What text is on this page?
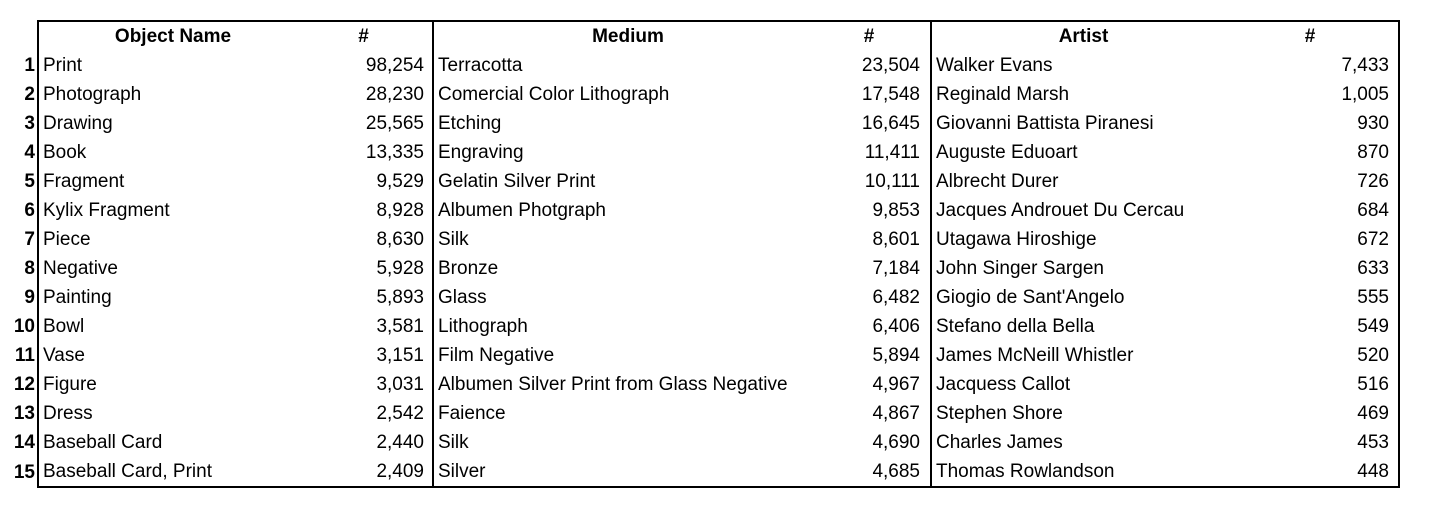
	Object Name	#	Medium	#	Artist	#
1	Print	98,254	Terracotta	23,504	Walker Evans	7,433
2	Photograph	28,230	Comercial Color Lithograph	17,548	Reginald Marsh	1,005
3	Drawing	25,565	Etching	16,645	Giovanni Battista Piranesi	930
4	Book	13,335	Engraving	11,411	Auguste Eduoart	870
5	Fragment	9,529	Gelatin Silver Print	10,111	Albrecht Durer	726
6	Kylix Fragment	8,928	Albumen Photgraph	9,853	Jacques Androuet Du Cercau	684
7	Piece	8,630	Silk	8,601	Utagawa Hiroshige	672
8	Negative	5,928	Bronze	7,184	John Singer Sargen	633
9	Painting	5,893	Glass	6,482	Giogio de Sant'Angelo	555
10	Bowl	3,581	Lithograph	6,406	Stefano della Bella	549
11	Vase	3,151	Film Negative	5,894	James McNeill Whistler	520
12	Figure	3,031	Albumen Silver Print from Glass Negative	4,967	Jacquess Callot	516
13	Dress	2,542	Faience	4,867	Stephen Shore	469
14	Baseball Card	2,440	Silk	4,690	Charles James	453
15	Baseball Card, Print	2,409	Silver	4,685	Thomas Rowlandson	448
